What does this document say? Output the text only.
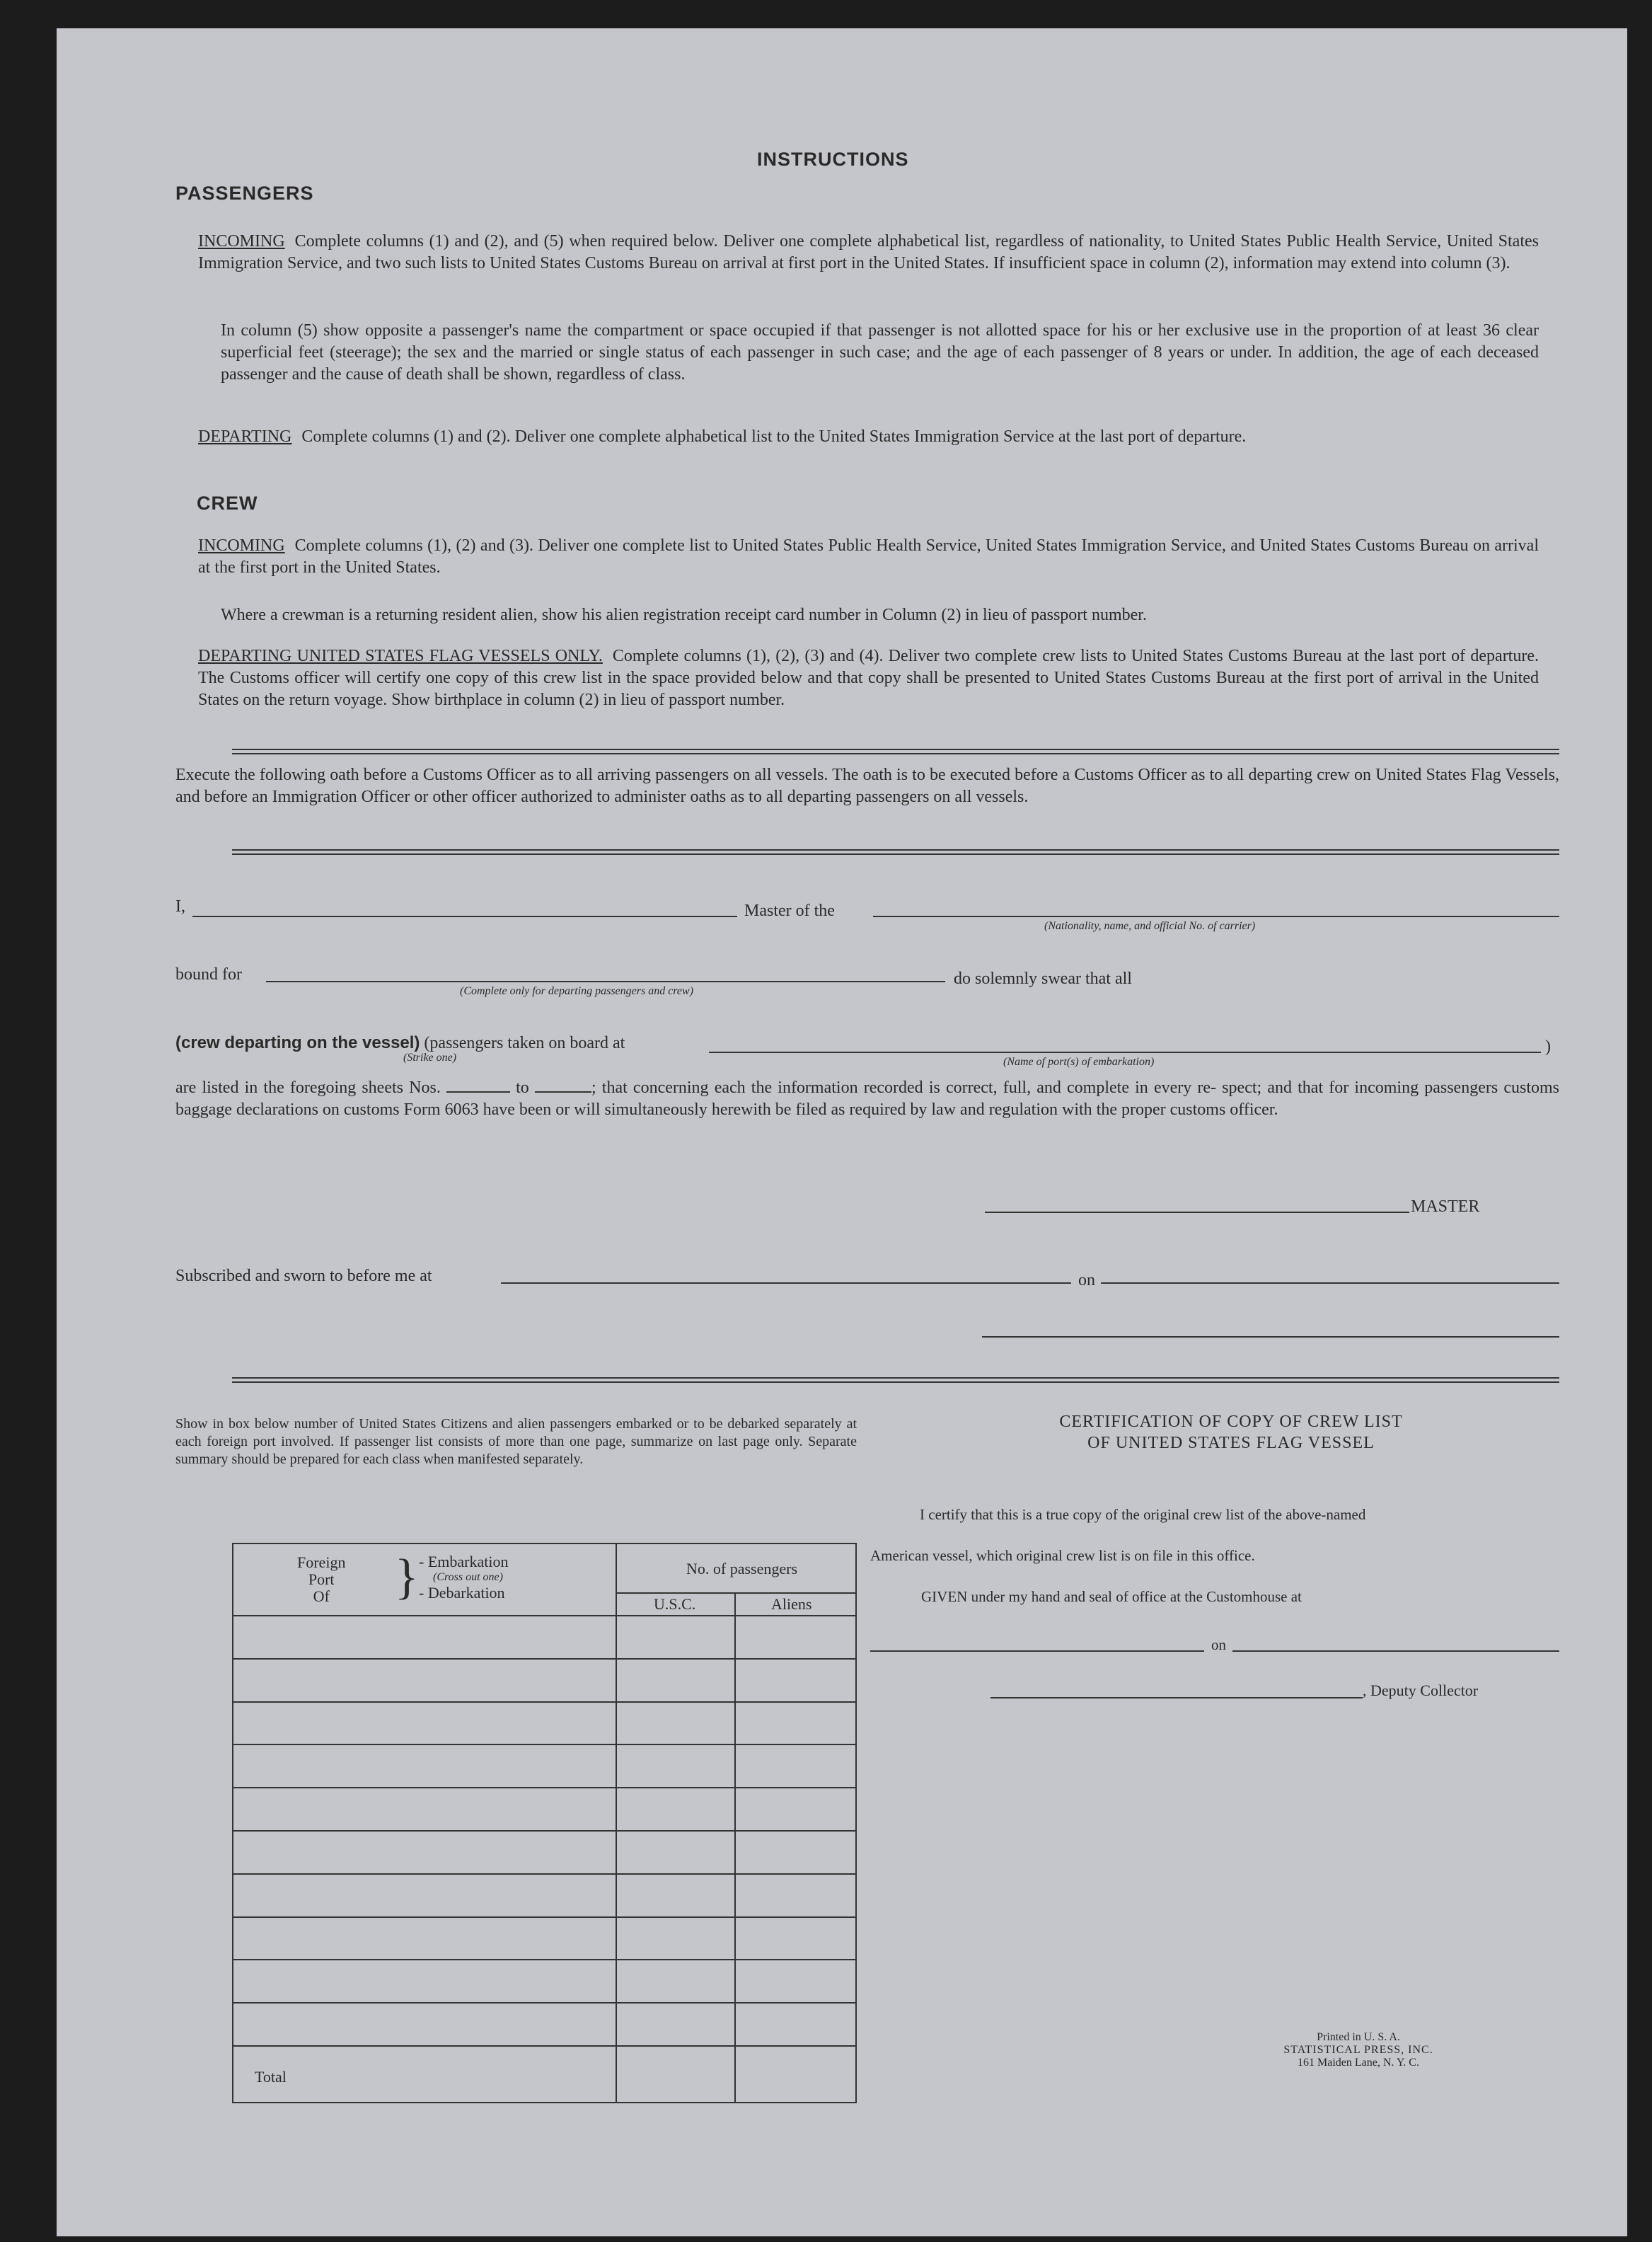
INSTRUCTIONS
PASSENGERS
INCOMING Complete columns (1) and (2), and (5) when required below. Deliver one complete alphabetical list, regardless of nationality, to United States Public Health Service, United States Immigration Service, and two such lists to United States Customs Bureau on arrival at first port in the United States. If insufficient space in column (2), information may extend into column (3).
In column (5) show opposite a passenger's name the compartment or space occupied if that passenger is not allotted space for his or her exclusive use in the proportion of at least 36 clear superficial feet (steerage); the sex and the married or single status of each passenger in such case; and the age of each passenger of 8 years or under. In addition, the age of each deceased passenger and the cause of death shall be shown, regardless of class.
DEPARTING Complete columns (1) and (2). Deliver one complete alphabetical list to the United States Immigration Service at the last port of departure.
CREW
INCOMING Complete columns (1), (2) and (3). Deliver one complete list to United States Public Health Service, United States Immigration Service, and United States Customs Bureau on arrival at the first port in the United States.
Where a crewman is a returning resident alien, show his alien registration receipt card number in Column (2) in lieu of passport number.
DEPARTING UNITED STATES FLAG VESSELS ONLY. Complete columns (1), (2), (3) and (4). Deliver two complete crew lists to United States Customs Bureau at the last port of departure. The Customs officer will certify one copy of this crew list in the space provided below and that copy shall be presented to United States Customs Bureau at the first port of arrival in the United States on the return voyage. Show birthplace in column (2) in lieu of passport number.
Execute the following oath before a Customs Officer as to all arriving passengers on all vessels. The oath is to be executed before a Customs Officer as to all departing crew on United States Flag Vessels, and before an Immigration Officer or other officer authorized to administer oaths as to all departing passengers on all vessels.
I,	Master of the
(Nationality, name, and official No. of carrier)
bound for
(Complete only for departing passengers and crew)
do solemnly swear that all
(crew departing on the vessel) (passengers taken on board at	)
(Strike one)	(Name of port(s) of embarkation)
are listed in the foregoing sheets Nos.	to	; that concerning each the information recorded is correct, full, and complete in every re- spect; and that for incoming passengers customs baggage declarations on customs Form 6063 have been or will simultaneously herewith be filed as required by law and regulation with the proper customs officer.
MASTER
Subscribed and sworn to before me at	on
Show in box below number of United States Citizens and alien passengers embarked or to be debarked separately at each foreign port involved. If passenger list consists of more than one page, summarize on last page only. Separate summary should be prepared for each class when manifested separately.
Foreign
Port
Of	} - Embarkation
(Cross out one)
- Debarkation
No. of passengers
U.S.C.	Aliens
Total
CERTIFICATION OF COPY OF CREW LIST
OF UNITED STATES FLAG VESSEL
I certify that this is a true copy of the original crew list of the above-named
American vessel, which original crew list is on file in this office.
GIVEN under my hand and seal of office at the Customhouse at
on
, Deputy Collector
Printed in U. S. A.
STATISTICAL PRESS, INC.
161 Maiden Lane, N. Y. C.
